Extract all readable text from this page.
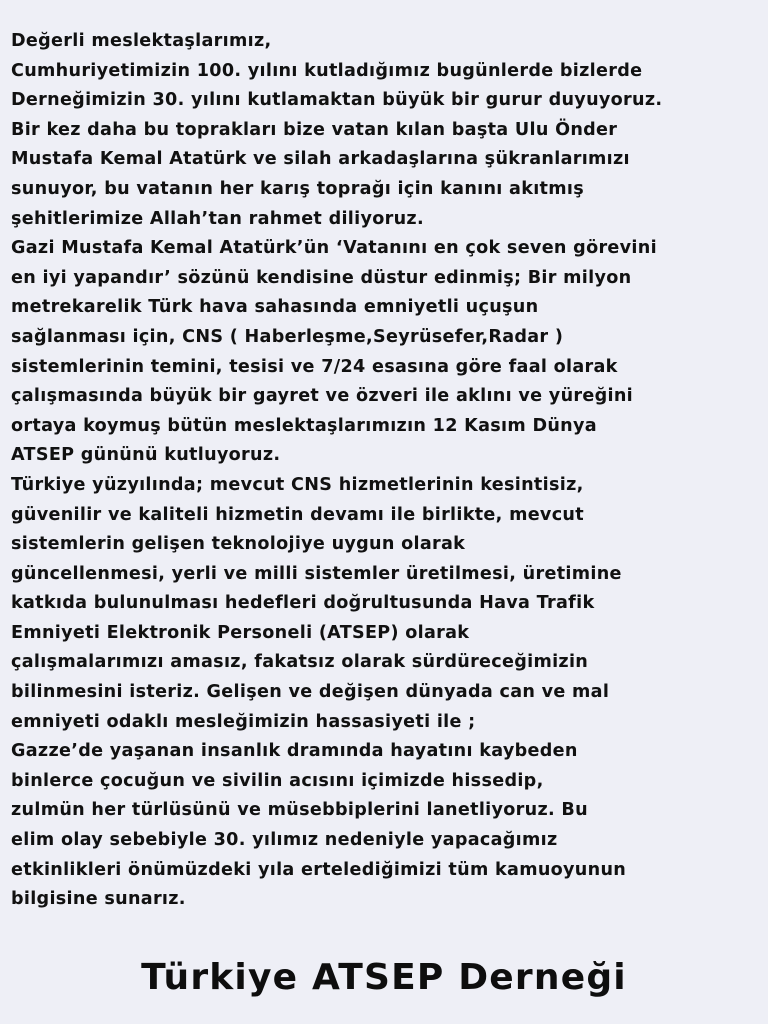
Değerli meslektaşlarımız,
Cumhuriyetimizin 100. yılını kutladığımız bugünlerde bizlerde
Derneğimizin 30. yılını kutlamaktan büyük bir gurur duyuyoruz.
Bir kez daha bu toprakları bize vatan kılan başta Ulu Önder
Mustafa Kemal Atatürk ve silah arkadaşlarına şükranlarımızı
sunuyor, bu vatanın her karış toprağı için kanını akıtmış
şehitlerimize Allah’tan rahmet diliyoruz.
Gazi Mustafa Kemal Atatürk’ün ‘Vatanını en çok seven görevini
en iyi yapandır’ sözünü kendisine düstur edinmiş; Bir milyon
metrekarelik Türk hava sahasında emniyetli uçuşun
sağlanması için, CNS ( Haberleşme,Seyrüsefer,Radar )
sistemlerinin temini, tesisi ve 7/24 esasına göre faal olarak
çalışmasında büyük bir gayret ve özveri ile aklını ve yüreğini
ortaya koymuş bütün meslektaşlarımızın 12 Kasım Dünya
ATSEP gününü kutluyoruz.
Türkiye yüzyılında; mevcut CNS hizmetlerinin kesintisiz,
güvenilir ve kaliteli hizmetin devamı ile birlikte, mevcut
sistemlerin gelişen teknolojiye uygun olarak
güncellenmesi, yerli ve milli sistemler üretilmesi, üretimine
katkıda bulunulması hedefleri doğrultusunda Hava Trafik
Emniyeti Elektronik Personeli (ATSEP) olarak
çalışmalarımızı amasız, fakatsız olarak sürdüreceğimizin
bilinmesini isteriz. Gelişen ve değişen dünyada can ve mal
emniyeti odaklı mesleğimizin hassasiyeti ile ;
Gazze’de yaşanan insanlık dramında hayatını kaybeden
binlerce çocuğun ve sivilin acısını içimizde hissedip,
zulmün her türlüsünü ve müsebbiplerini lanetliyoruz. Bu
elim olay sebebiyle 30. yılımız nedeniyle yapacağımız
etkinlikleri önümüzdeki yıla ertelediğimizi tüm kamuoyunun
bilgisine sunarız.
Türkiye ATSEP Derneği
